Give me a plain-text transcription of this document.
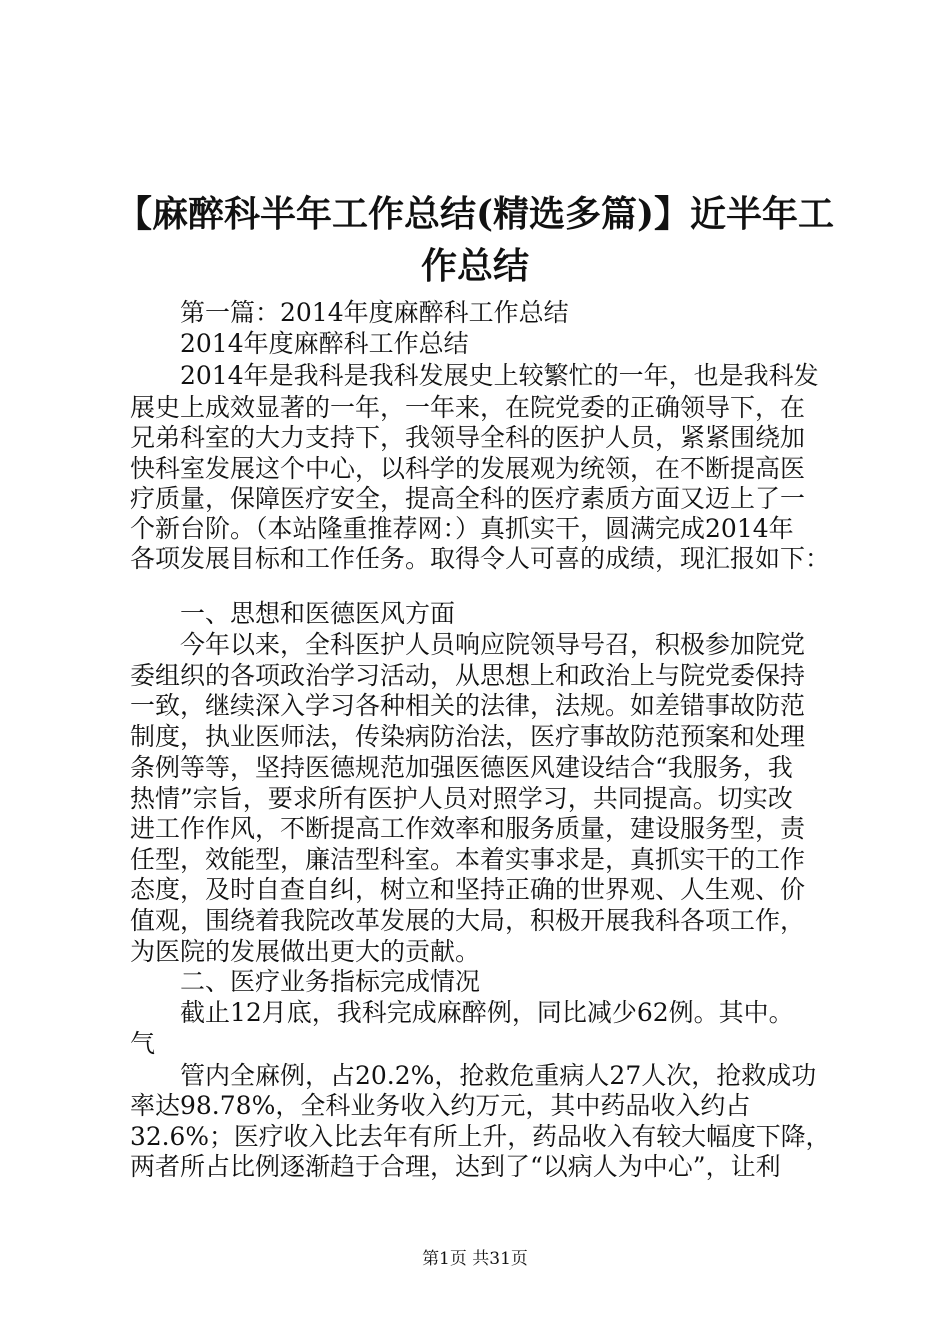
【麻醉科半年工作总结(精选多篇)】近半年工
作总结
第一篇：2014年度麻醉科工作总结
2014年度麻醉科工作总结
2014年是我科是我科发展史上较繁忙的一年，也是我科发
展史上成效显著的一年，一年来，在院党委的正确领导下，在
兄弟科室的大力支持下，我领导全科的医护人员，紧紧围绕加
快科室发展这个中心，以科学的发展观为统领，在不断提高医
疗质量，保障医疗安全，提高全科的医疗素质方面又迈上了一
个新台阶。（本站隆重推荐网：）真抓实干，圆满完成2014年
各项发展目标和工作任务。取得令人可喜的成绩，现汇报如下：
一、思想和医德医风方面
今年以来，全科医护人员响应院领导号召，积极参加院党
委组织的各项政治学习活动，从思想上和政治上与院党委保持
一致，继续深入学习各种相关的法律，法规。如差错事故防范
制度，执业医师法，传染病防治法，医疗事故防范预案和处理
条例等等，坚持医德规范加强医德医风建设结合“我服务，我
热情”宗旨，要求所有医护人员对照学习，共同提高。切实改
进工作作风，不断提高工作效率和服务质量，建设服务型，责
任型，效能型，廉洁型科室。本着实事求是，真抓实干的工作
态度，及时自查自纠，树立和坚持正确的世界观、人生观、价
值观，围绕着我院改革发展的大局，积极开展我科各项工作，
为医院的发展做出更大的贡献。
二、医疗业务指标完成情况
截止12月底，我科完成麻醉例，同比减少62例。其中。
气
管内全麻例，占20.2%，抢救危重病人27人次，抢救成功
率达98.78%，全科业务收入约万元，其中药品收入约占
32.6%；医疗收入比去年有所上升，药品收入有较大幅度下降，
两者所占比例逐渐趋于合理，达到了“以病人为中心”，让利
第1页 共31页
